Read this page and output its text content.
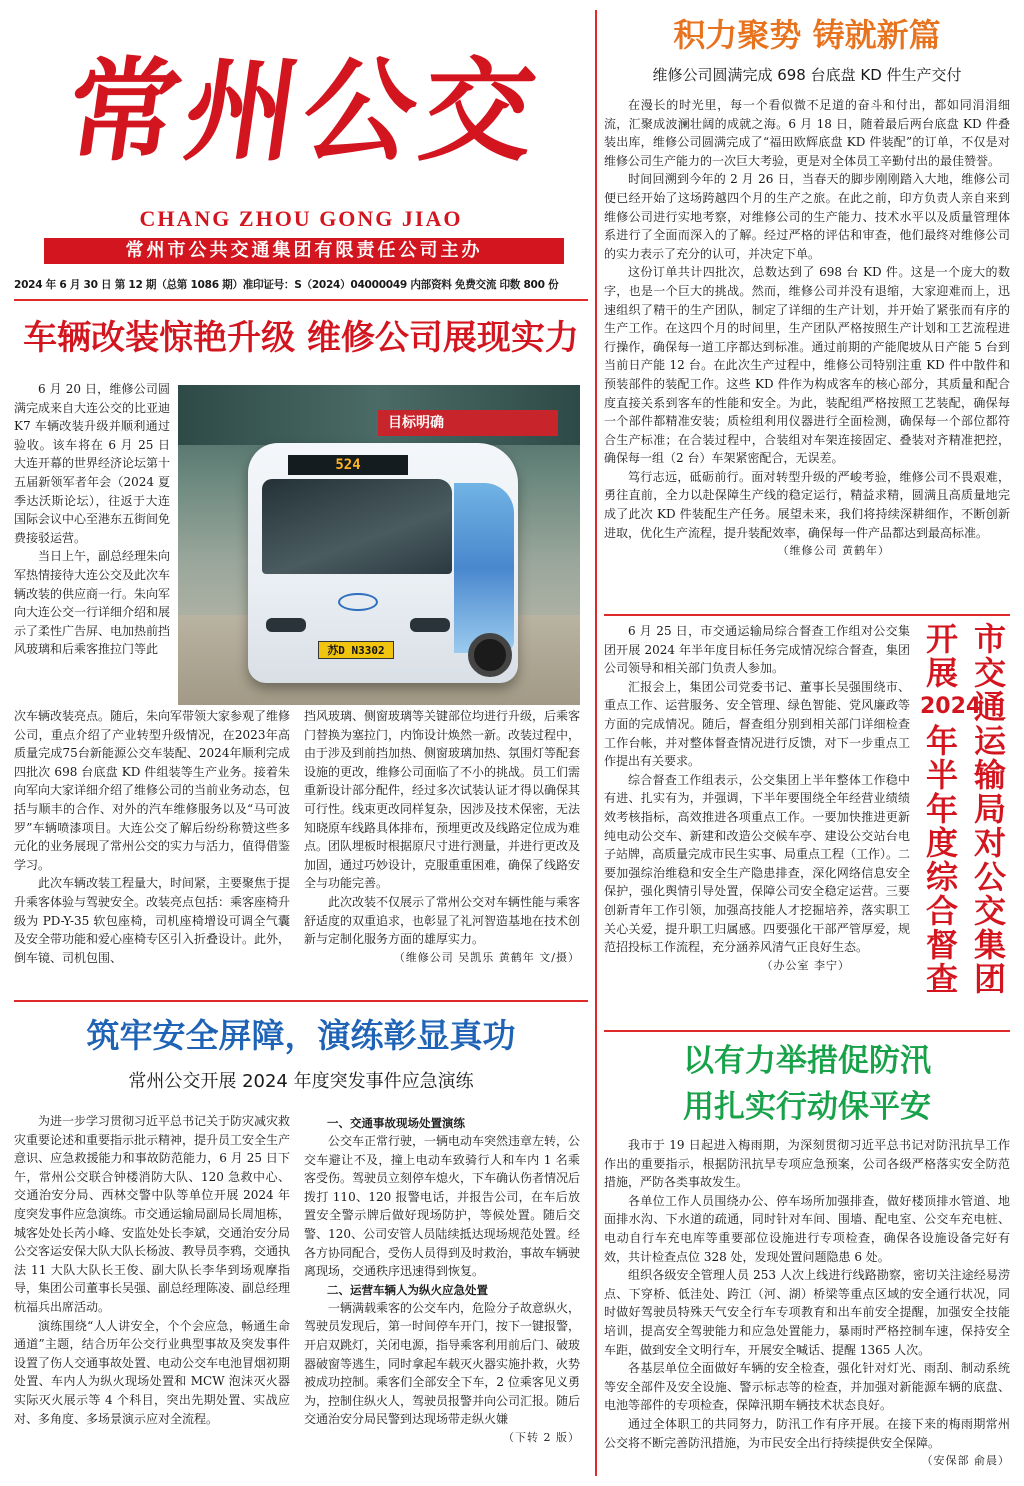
常州公交
CHANG ZHOU GONG JIAO
常州市公共交通集团有限责任公司主办
2024 年 6 月 30 日 第 12 期（总第 1086 期）准印证号：S（2024）04000049 内部资料 免费交流 印数 800 份
车辆改装惊艳升级 维修公司展现实力

6 月 20 日，维修公司圆满完成来自大连公交的比亚迪 K7 车辆改装升级并顺利通过验收。该车将在 6 月 25 日大连开幕的世界经济论坛第十五届新领军者年会（2024 夏季达沃斯论坛），往返于大连国际会议中心至港东五街间免费接驳运营。

当日上午，副总经理朱向军热情接待大连公交及此次车辆改装的供应商一行。朱向军向大连公交一行详细介绍和展示了柔性广告屏、电加热前挡风玻璃和后乘客推拉门等此

目标明确
524
苏D N3302

次车辆改装亮点。随后，朱向军带领大家参观了维修公司，重点介绍了产业转型升级情况，在2023年高质量完成75台新能源公交车装配、2024年顺利完成四批次 698 台底盘 KD 件组装等生产业务。接着朱向军向大家详细介绍了维修公司的当前业务动态，包括与顺丰的合作、对外的汽车维修服务以及“马可波罗”车辆喷漆项目。大连公交了解后纷纷称赞这些多元化的业务展现了常州公交的实力与活力，值得借鉴学习。

此次车辆改装工程量大，时间紧，主要聚焦于提升乘客体验与驾驶安全。改装亮点包括：乘客座椅升级为 PD-Y-35 软包座椅，司机座椅增设可调全气囊及安全带功能和爱心座椅专区引入折叠设计。此外，倒车镜、司机包围、

挡风玻璃、侧窗玻璃等关键部位均进行升级，后乘客门替换为塞拉门，内饰设计焕然一新。改装过程中，由于涉及到前挡加热、侧窗玻璃加热、氛围灯等配套设施的更改，维修公司面临了不小的挑战。员工们需重新设计部分配件，经过多次试装认证才得以确保其可行性。线束更改同样复杂，因涉及技术保密，无法知晓原车线路具体排布，预埋更改及线路定位成为难点。团队埋板时根据原尺寸进行测量，并进行更改及加固，通过巧妙设计，克服重重困难，确保了线路安全与功能完善。

此次改装不仅展示了常州公交对车辆性能与乘客舒适度的双重追求，也彰显了礼河智造基地在技术创新与定制化服务方面的雄厚实力。

（维修公司 吴凯乐 黄鹤年 文/摄）
筑牢安全屏障，演练彰显真功
常州公交开展 2024 年度突发事件应急演练

为进一步学习贯彻习近平总书记关于防灾减灾救灾重要论述和重要指示批示精神，提升员工安全生产意识、应急救援能力和事故防范能力，6 月 25 日下午，常州公交联合钟楼消防大队、120 急救中心、交通治安分局、西林交警中队等单位开展 2024 年度突发事件应急演练。市交通运输局副局长周旭栋，城客处处长芮小峰、安监处处长李斌，交通治安分局公交客运安保大队大队长杨波、教导员李鸦，交通执法 11 大队大队长王俊、副大队长李华到场观摩指导，集团公司董事长吴强、副总经理陈凌、副总经理杭福兵出席活动。

演练围绕“人人讲安全，个个会应急，畅通生命通道”主题，结合历年公交行业典型事故及突发事件设置了伤人交通事故处置、电动公交车电池冒烟初期处置、车内人为纵火现场处置和 MCW 泡沫灭火器实际灭火展示等 4 个科目，突出先期处置、实战应对、多角度、多场景演示应对全流程。

一、交通事故现场处置演练

公交车正常行驶，一辆电动车突然违章左转，公交车避让不及，撞上电动车致骑行人和车内 1 名乘客受伤。驾驶员立刻停车熄火，下车确认伤者情况后拨打 110、120 报警电话，并报告公司，在车后放置安全警示牌后做好现场防护，等候处置。随后交警、120、公司安管人员陆续抵达现场规范处置。经各方协同配合，受伤人员得到及时救治，事故车辆驶离现场，交通秩序迅速得到恢复。

二、运营车辆人为纵火应急处置

一辆满载乘客的公交车内，危险分子故意纵火，驾驶员发现后，第一时间停车开门，按下一键报警，开启双跳灯，关闭电源，指导乘客利用前后门、破玻器破窗等逃生，同时拿起车载灭火器实施扑救，火势被成功控制。乘客们全部安全下车，2 位乘客见义勇为，控制住纵火人，驾驶员报警并向公司汇报。随后交通治安分局民警到达现场带走纵火嫌

（下转 2 版）
积力聚势 铸就新篇
维修公司圆满完成 698 台底盘 KD 件生产交付

在漫长的时光里，每一个看似微不足道的奋斗和付出，都如同涓涓细流，汇聚成波澜壮阔的成就之海。6 月 18 日，随着最后两台底盘 KD 件叠装出库，维修公司圆满完成了“福田欧辉底盘 KD 件装配”的订单，不仅是对维修公司生产能力的一次巨大考验，更是对全体员工辛勤付出的最佳赞誉。

时间回溯到今年的 2 月 26 日，当春天的脚步刚刚踏入大地，维修公司便已经开始了这场跨越四个月的生产之旅。在此之前，印方负责人亲自来到维修公司进行实地考察，对维修公司的生产能力、技术水平以及质量管理体系进行了全面而深入的了解。经过严格的评估和审查，他们最终对维修公司的实力表示了充分的认可，并决定下单。

这份订单共计四批次，总数达到了 698 台 KD 件。这是一个庞大的数字，也是一个巨大的挑战。然而，维修公司并没有退缩，大家迎难而上，迅速组织了精干的生产团队，制定了详细的生产计划，并开始了紧张而有序的生产工作。在这四个月的时间里，生产团队严格按照生产计划和工艺流程进行操作，确保每一道工序都达到标准。通过前期的产能爬坡从日产能 5 台到当前日产能 12 台。在此次生产过程中，维修公司特别注重 KD 件中散件和预装部件的装配工作。这些 KD 件作为构成客车的核心部分，其质量和配合度直接关系到客车的性能和安全。为此，装配组严格按照工艺装配，确保每一个部件都精准安装；质检组利用仪器进行全面检测，确保每一个部位都符合生产标准；在合装过程中，合装组对车架连接固定、叠装对齐精准把控，确保每一组（2 台）车架紧密配合，无误差。

笃行志远，砥砺前行。面对转型升级的严峻考验，维修公司不畏艰难，勇往直前，全力以赴保障生产线的稳定运行，精益求精，圆满且高质量地完成了此次 KD 件装配生产任务。展望未来，我们将持续深耕细作，不断创新进取，优化生产流程，提升装配效率，确保每一件产品都达到最高标准。

（维修公司 黄鹤年）

6 月 25 日，市交通运输局综合督查工作组对公交集团开展 2024 年半年度目标任务完成情况综合督查，集团公司领导和相关部门负责人参加。

汇报会上，集团公司党委书记、董事长吴强围绕市、重点工作、运营服务、安全管理、绿色智能、党风廉政等方面的完成情况。随后，督查组分别到相关部门详细检查工作台帐，并对整体督查情况进行反馈，对下一步重点工作提出有关要求。

综合督查工作组表示，公交集团上半年整体工作稳中有进、扎实有为，并强调，下半年要围绕全年经营业绩绩效考核指标，高效推进各项重点工作。一要加快推进更新纯电动公交车、新建和改造公交候车亭、建设公交站台电子站牌，高质量完成市民生实事、局重点工程（工作）。二要加强综治维稳和安全生产隐患排查，深化网络信息安全保护，强化舆情引导处置，保障公司安全稳定运营。三要创新青年工作引领，加强高技能人才挖掘培养，落实职工关心关爱，提升职工归属感。四要强化干部严管厚爱，规范招投标工作流程，充分涵养风清气正良好生态。

（办公室 李宁）
市
交
通
运
输
局
对
公
交
集
团
开
展
2024
年
半
年
度
综
合
督
查
以有力举措促防汛
用扎实行动保平安

我市于 19 日起进入梅雨期，为深刻贯彻习近平总书记对防汛抗旱工作作出的重要指示，根据防汛抗旱专项应急预案，公司各级严格落实安全防范措施，严防各类事故发生。

各单位工作人员围绕办公、停车场所加强排查，做好楼顶排水管道、地面排水沟、下水道的疏通，同时针对车间、围墙、配电室、公交车充电桩、电动自行车充电库等重要部位设施进行专项检查，确保各设施设备完好有效，共计检查点位 328 处，发现处置问题隐患 6 处。

组织各级安全管理人员 253 人次上线进行线路勘察，密切关注途经易涝点、下穿桥、低洼处、跨江（河、湖）桥梁等重点区域的安全通行状况，同时做好驾驶员特殊天气安全行车专项教育和出车前安全提醒，加强安全技能培训，提高安全驾驶能力和应急处置能力，暴雨时严格控制车速，保持安全车距，做到安全文明行车，开展安全喊话、提醒 1365 人次。

各基层单位全面做好车辆的安全检查，强化针对灯光、雨刮、制动系统等安全部件及安全设施、警示标志等的检查，并加强对新能源车辆的底盘、电池等部件的专项检查，保障汛期车辆技术状态良好。

通过全体职工的共同努力，防汛工作有序开展。在接下来的梅雨期常州公交将不断完善防汛措施，为市民安全出行持续提供安全保障。

（安保部 俞晨）
